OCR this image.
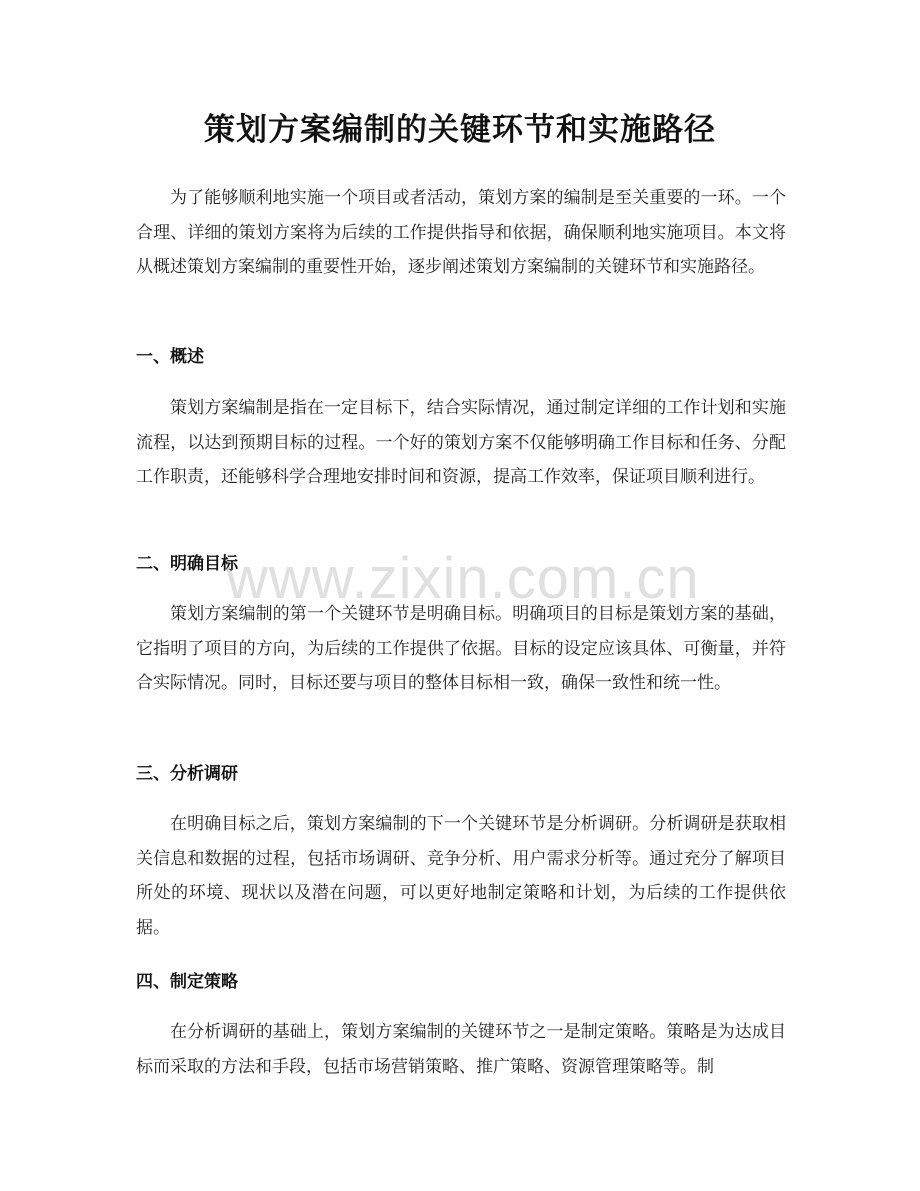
策划方案编制的关键环节和实施路径

为了能够顺利地实施一个项目或者活动，策划方案的编制是至关重要的一环。一个合理、详细的策划方案将为后续的工作提供指导和依据，确保顺利地实施项目。本文将从概述策划方案编制的重要性开始，逐步阐述策划方案编制的关键环节和实施路径。

一、概述

策划方案编制是指在一定目标下，结合实际情况，通过制定详细的工作计划和实施流程，以达到预期目标的过程。一个好的策划方案不仅能够明确工作目标和任务、分配工作职责，还能够科学合理地安排时间和资源，提高工作效率，保证项目顺利进行。

二、明确目标

策划方案编制的第一个关键环节是明确目标。明确项目的目标是策划方案的基础，它指明了项目的方向，为后续的工作提供了依据。目标的设定应该具体、可衡量，并符合实际情况。同时，目标还要与项目的整体目标相一致，确保一致性和统一性。

三、分析调研

在明确目标之后，策划方案编制的下一个关键环节是分析调研。分析调研是获取相关信息和数据的过程，包括市场调研、竞争分析、用户需求分析等。通过充分了解项目所处的环境、现状以及潜在问题，可以更好地制定策略和计划，为后续的工作提供依据。

四、制定策略

在分析调研的基础上，策划方案编制的关键环节之一是制定策略。策略是为达成目标而采取的方法和手段，包括市场营销策略、推广策略、资源管理策略等。制

www.zixin.com.cn
